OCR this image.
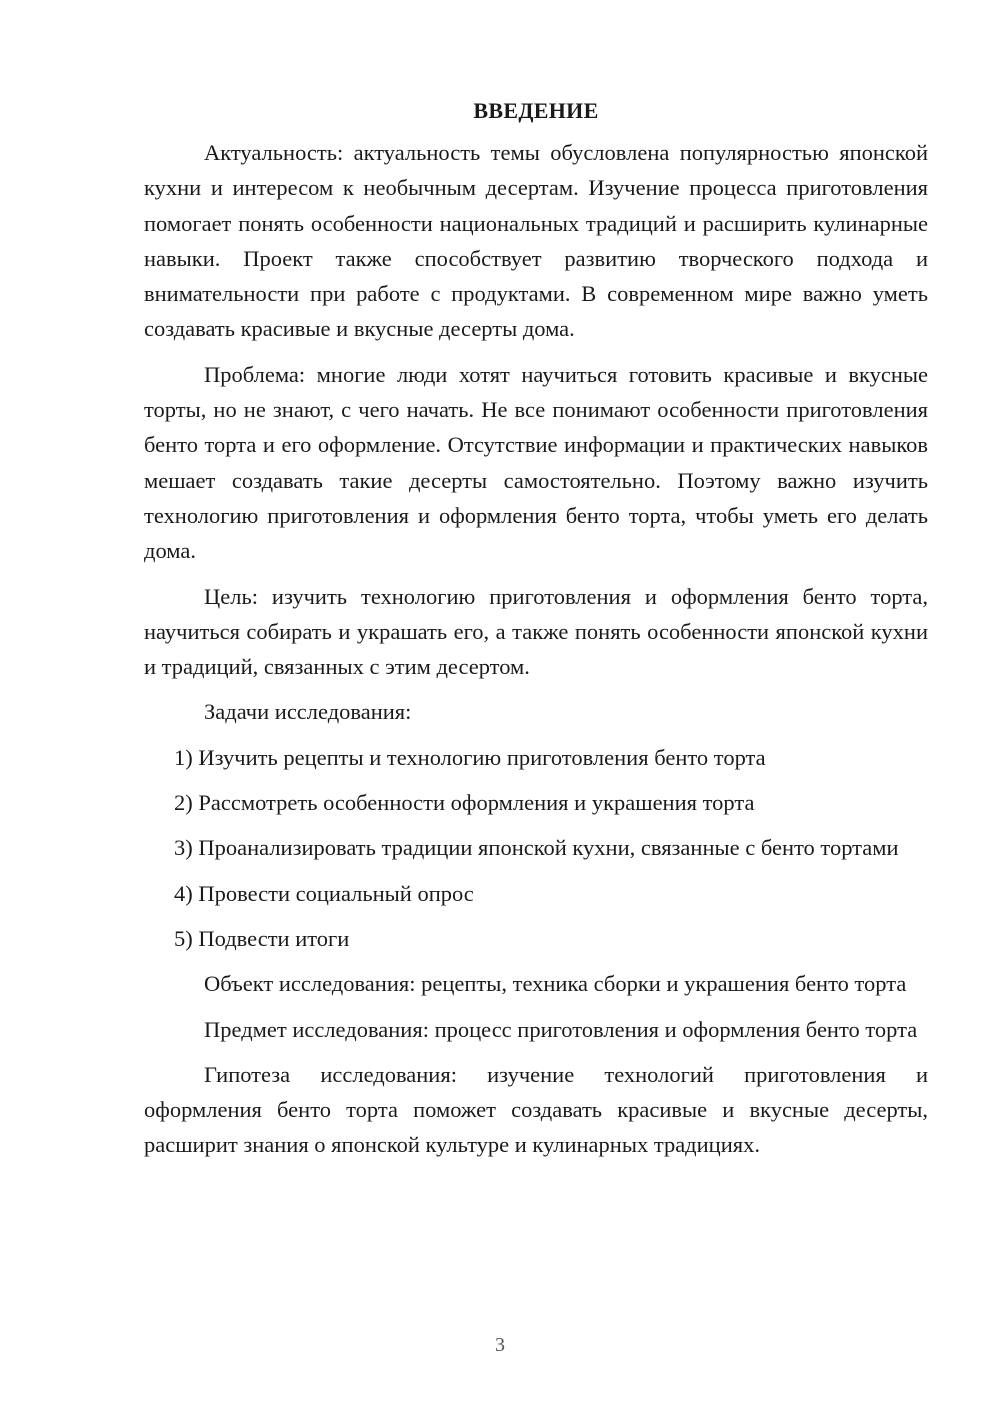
ВВЕДЕНИЕ

Актуальность: актуальность темы обусловлена популярностью японской кухни и интересом к необычным десертам. Изучение процесса приготовления помогает понять особенности национальных традиций и расширить кулинарные навыки. Проект также способствует развитию творческого подхода и внимательности при работе с продуктами. В современном мире важно уметь создавать красивые и вкусные десерты дома.

Проблема: многие люди хотят научиться готовить красивые и вкусные торты, но не знают, с чего начать. Не все понимают особенности приготовления бенто торта и его оформление. Отсутствие информации и практических навыков мешает создавать такие десерты самостоятельно. Поэтому важно изучить технологию приготовления и оформления бенто торта, чтобы уметь его делать дома.

Цель: изучить технологию приготовления и оформления бенто торта, научиться собирать и украшать его, а также понять особенности японской кухни и традиций, связанных с этим десертом.

Задачи исследования:

1) Изучить рецепты и технологию приготовления бенто торта

2) Рассмотреть особенности оформления и украшения торта

3) Проанализировать традиции японской кухни, связанные с бенто тортами

4) Провести социальный опрос

5) Подвести итоги

Объект исследования: рецепты, техника сборки и украшения бенто торта

Предмет исследования: процесс приготовления и оформления бенто торта

Гипотеза исследования: изучение технологий приготовления и оформления бенто торта поможет создавать красивые и вкусные десерты, расширит знания о японской культуре и кулинарных традициях.

3
